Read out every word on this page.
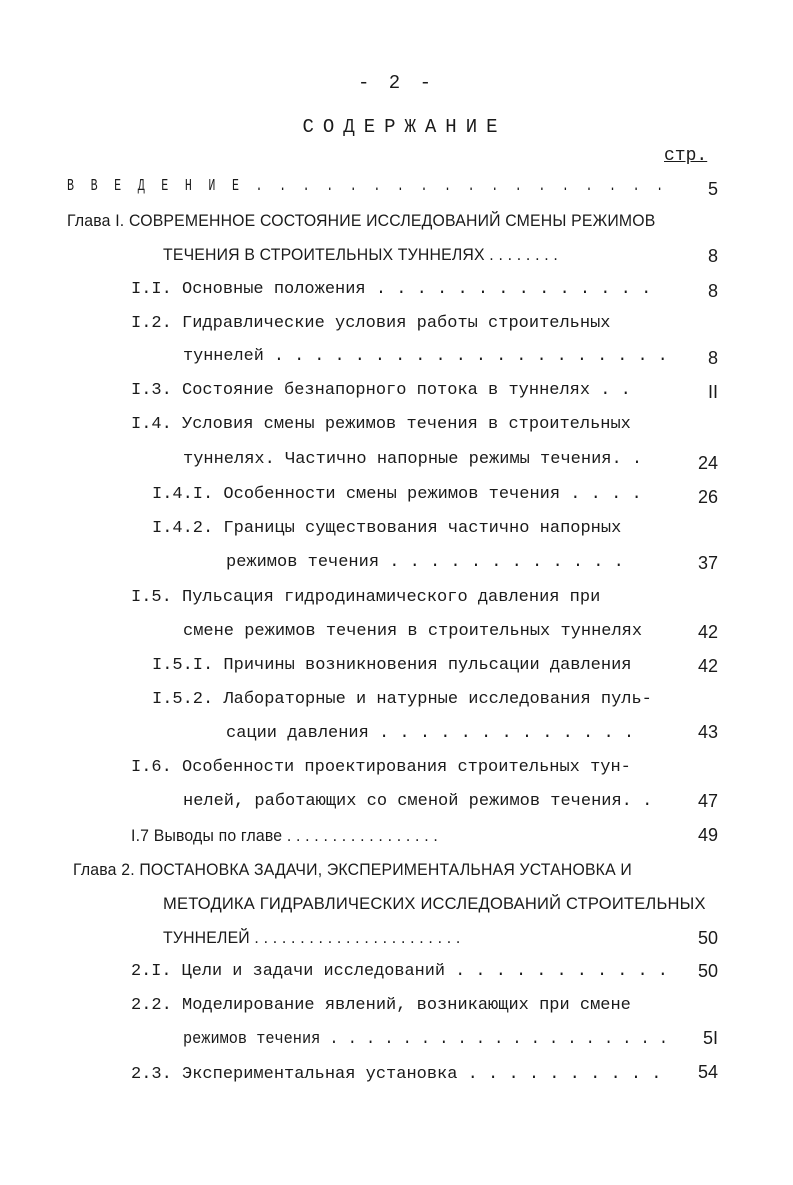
- 2 -
СОДЕРЖАНИЕ
стр.
В В Е Д Е Н И Е . . . . . . . . . . . . . . . . . .	5
Глава I. СОВРЕМЕННОЕ СОСТОЯНИЕ ИССЛЕДОВАНИЙ СМЕНЫ РЕЖИМОВ
ТЕЧЕНИЯ В СТРОИТЕЛЬНЫХ ТУННЕЛЯХ . . . . . . . .	8
I.I. Основные положения . . . . . . . . . . . . . .	8
I.2. Гидравлические условия работы строительных
туннелей . . . . . . . . . . . . . . . . . . . .	8
I.3. Состояние безнапорного потока в туннелях . .	II
I.4. Условия смены режимов течения в строительных
туннелях. Частично напорные режимы течения. .	24
I.4.I. Особенности смены режимов течения . . . .	26
I.4.2. Границы существования частично напорных
режимов течения . . . . . . . . . . . .	37
I.5. Пульсация гидродинамического давления при
смене режимов течения в строительных туннелях	42
I.5.I. Причины возникновения пульсации давления	42
I.5.2. Лабораторные и натурные исследования пуль-
сации давления . . . . . . . . . . . . .	43
I.6. Особенности проектирования строительных тун-
нелей, работающих со сменой режимов течения. .	47
I.7 Выводы по главе . . . . . . . . . . . . . . . . .	49
Глава 2. ПОСТАНОВКА ЗАДАЧИ, ЭКСПЕРИМЕНТАЛЬНАЯ УСТАНОВКА И
МЕТОДИКА ГИДРАВЛИЧЕСКИХ ИССЛЕДОВАНИЙ СТРОИТЕЛЬНЫХ
ТУННЕЛЕЙ . . . . . . . . . . . . . . . . . . . . . . .	50
2.I. Цели и задачи исследований . . . . . . . . . . .	50
2.2. Моделирование явлений, возникающих при смене
режимов течения . . . . . . . . . . . . . . . . . . .	5I
2.3. Экспериментальная установка . . . . . . . . . .	54
